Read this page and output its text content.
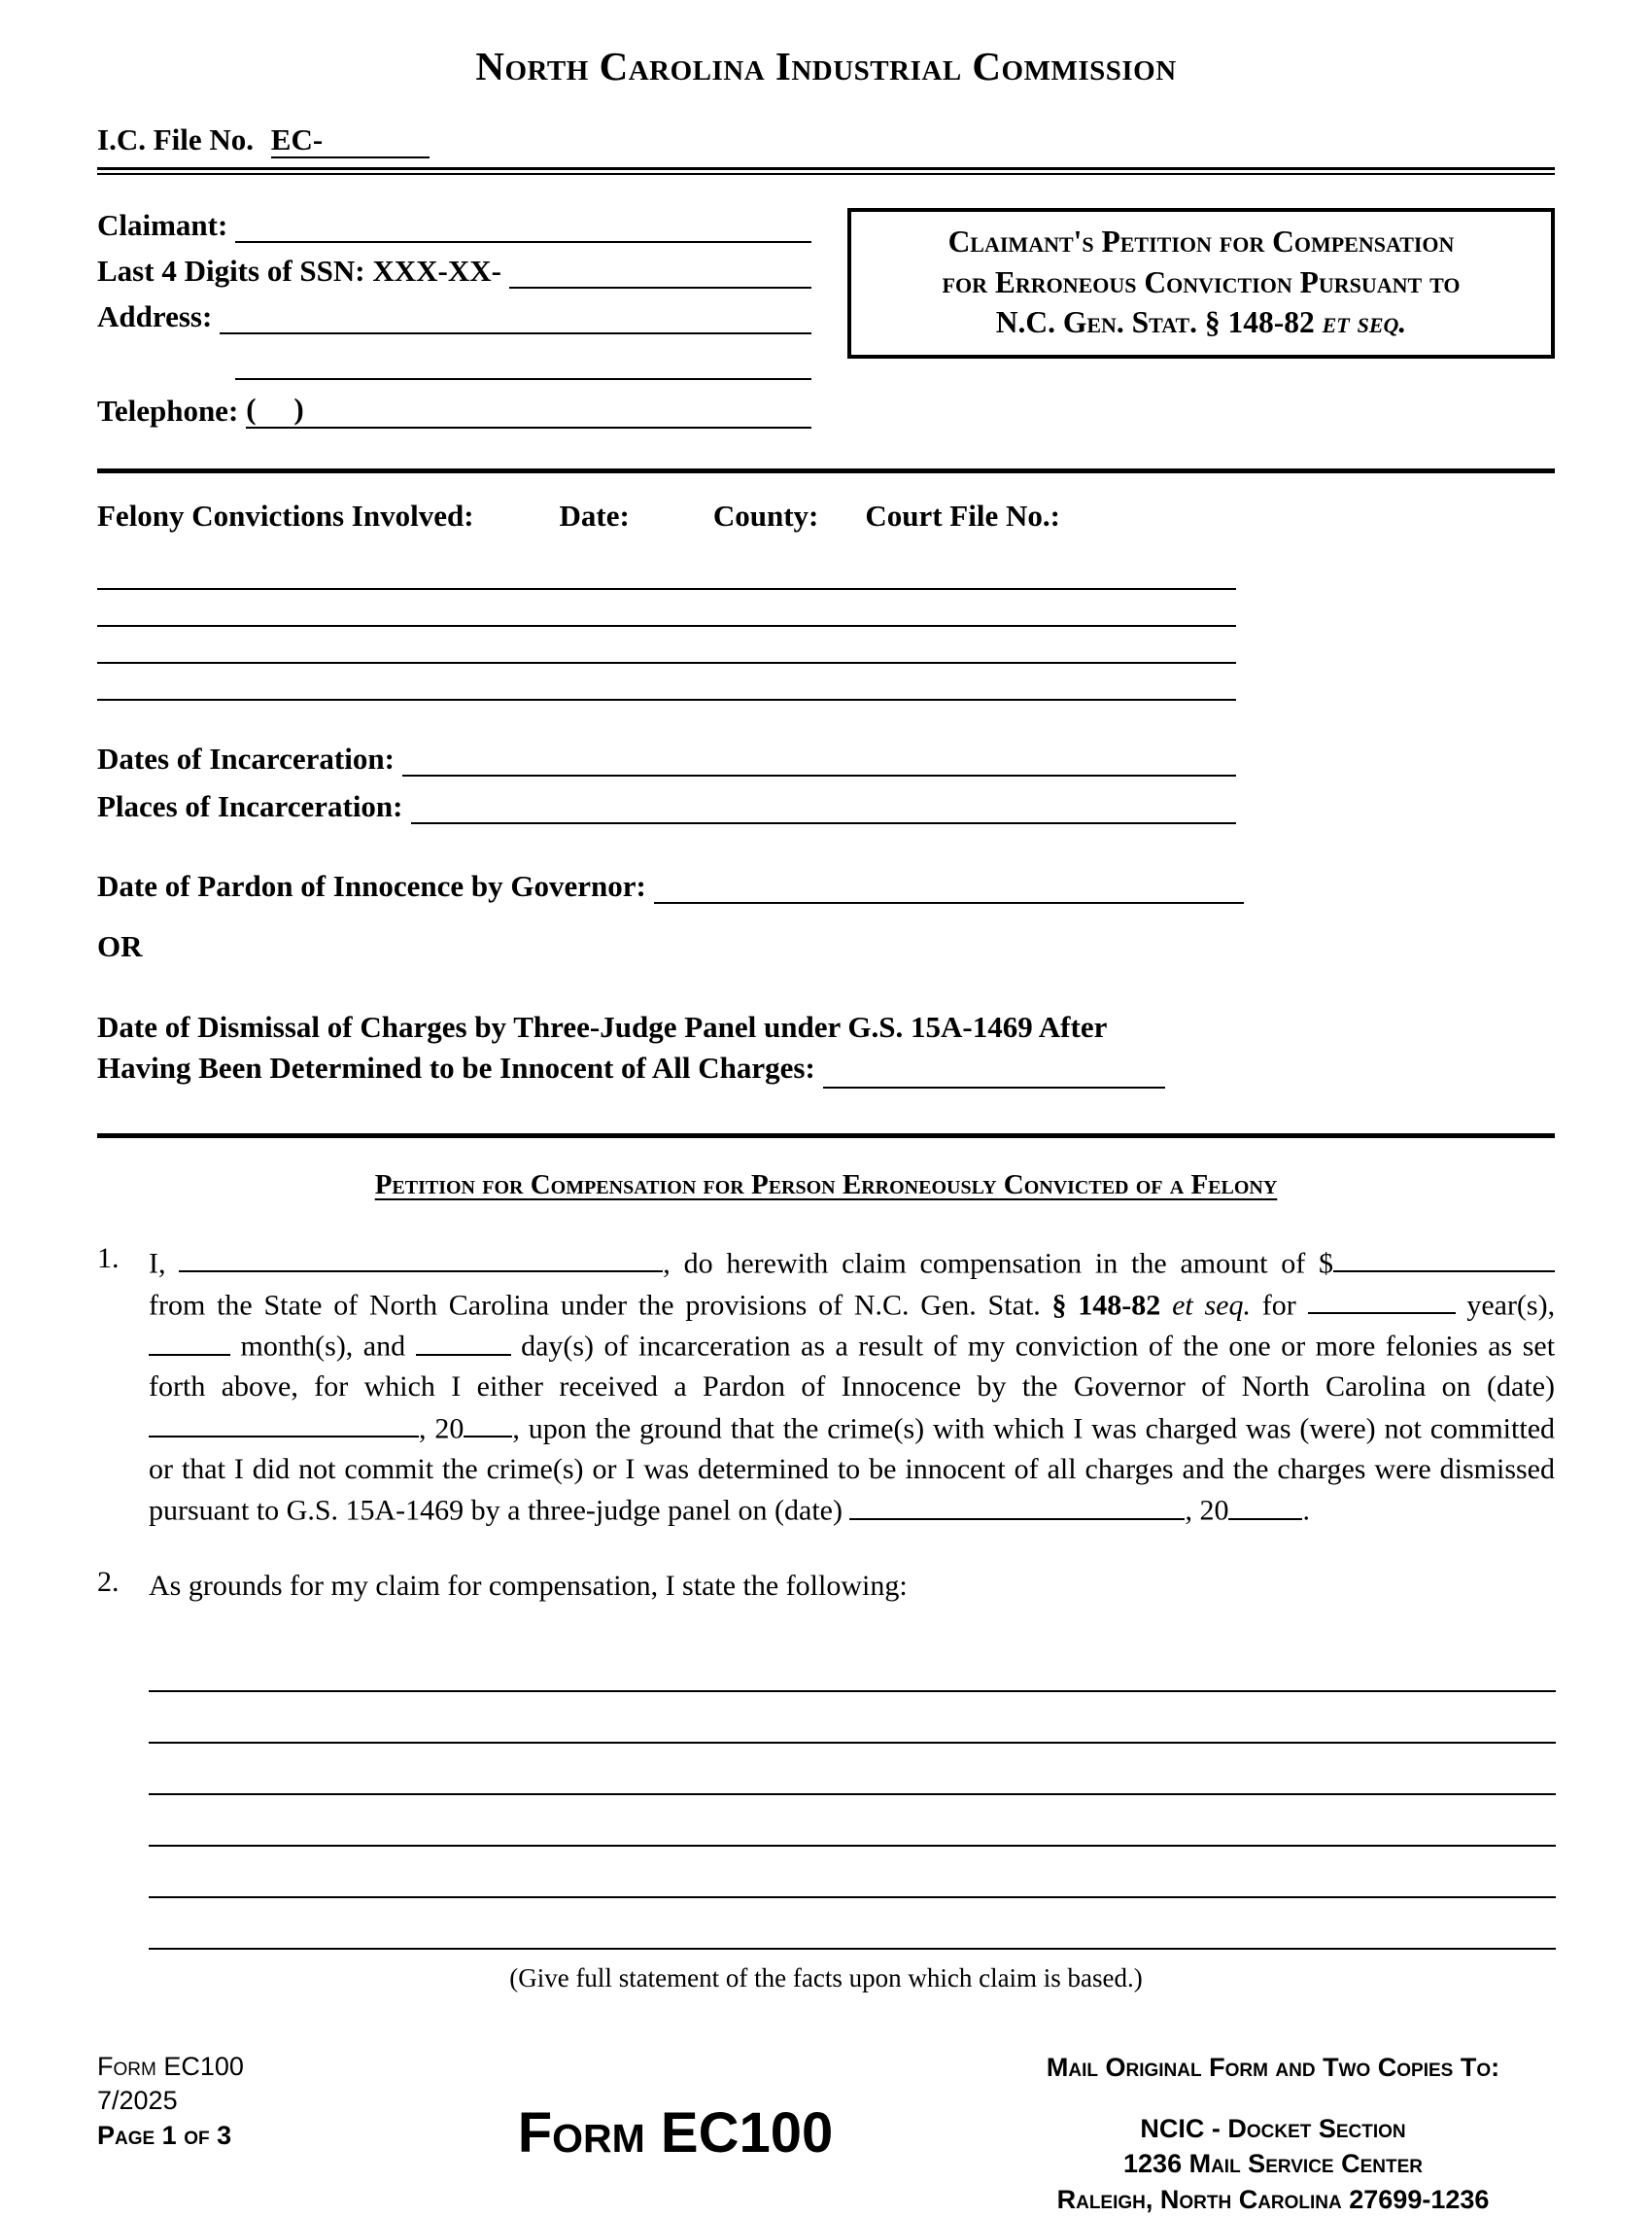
North Carolina Industrial Commission
I.C. File No. EC-
Claimant:
Last 4 Digits of SSN: XXX-XX-
Address:
Telephone: (     )
Claimant's Petition for Compensation
for Erroneous Conviction Pursuant to
N.C. Gen. Stat. § 148-82 et seq.
Felony Convictions Involved:	Date:	County: Court File No.:
Dates of Incarceration:
Places of Incarceration:
Date of Pardon of Innocence by Governor:
OR
Date of Dismissal of Charges by Three-Judge Panel under G.S. 15A-1469 After
Having Been Determined to be Innocent of All Charges:
Petition for Compensation for Person Erroneously Convicted of a Felony
1. I,	, do herewith claim compensation in the amount of $ from the State of North Carolina under the provisions of N.C. Gen. Stat. § 148-82 et seq. for	year(s),  month(s), and	day(s) of incarceration as a result of my conviction of the one or more felonies as set forth above, for which I either received a Pardon of Innocence by the Governor of North Carolina on (date) , 20 , upon the ground that the crime(s) with which I was charged was (were) not committed or that I did not commit the crime(s) or I was determined to be innocent of all charges and the charges were dismissed pursuant to G.S. 15A-1469 by a three-judge panel on (date)	, 20	.
2. As grounds for my claim for compensation, I state the following:
(Give full statement of the facts upon which claim is based.)
Form EC100
7/2025
Page 1 of 3	Form EC100
Mail Original Form and Two Copies To:
NCIC - Docket Section
1236 Mail Service Center
Raleigh, North Carolina 27699-1236
